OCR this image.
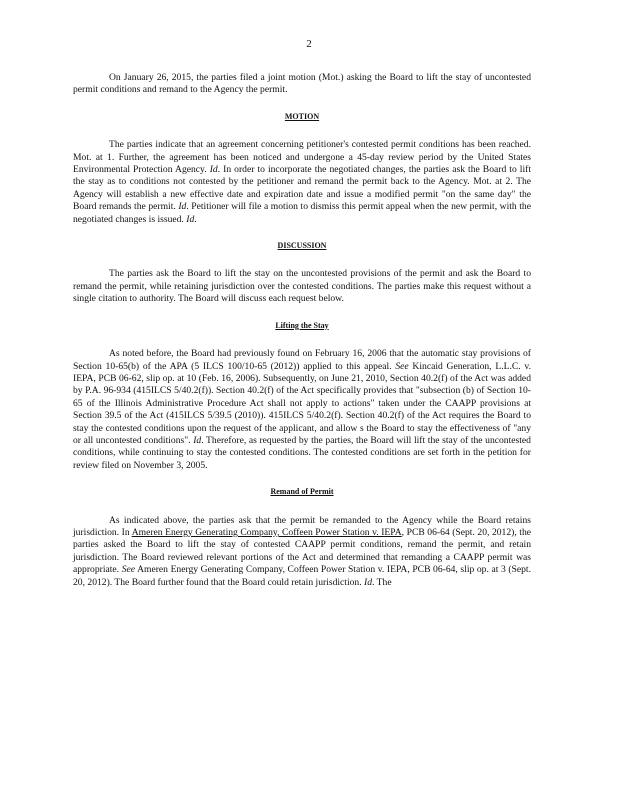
2

On January 26, 2015, the parties filed a joint motion (Mot.) asking the Board to lift the stay of uncontested permit conditions and remand to the Agency the permit.

MOTION

The parties indicate that an agreement concerning petitioner's contested permit conditions has been reached. Mot. at 1. Further, the agreement has been noticed and undergone a 45-day review period by the United States Environmental Protection Agency. Id. In order to incorporate the negotiated changes, the parties ask the Board to lift the stay as to conditions not contested by the petitioner and remand the permit back to the Agency. Mot. at 2. The Agency will establish a new effective date and expiration date and issue a modified permit "on the same day" the Board remands the permit. Id. Petitioner will file a motion to dismiss this permit appeal when the new permit, with the negotiated changes is issued. Id.

DISCUSSION

The parties ask the Board to lift the stay on the uncontested provisions of the permit and ask the Board to remand the permit, while retaining jurisdiction over the contested conditions. The parties make this request without a single citation to authority. The Board will discuss each request below.

Lifting the Stay

As noted before, the Board had previously found on February 16, 2006 that the automatic stay provisions of Section 10-65(b) of the APA (5 ILCS 100/10-65 (2012)) applied to this appeal. See Kincaid Generation, L.L.C. v. IEPA, PCB 06-62, slip op. at 10 (Feb. 16, 2006). Subsequently, on June 21, 2010, Section 40.2(f) of the Act was added by P.A. 96-934 (415ILCS 5/40.2(f)). Section 40.2(f) of the Act specifically provides that "subsection (b) of Section 10-65 of the Illinois Administrative Procedure Act shall not apply to actions" taken under the CAAPP provisions at Section 39.5 of the Act (415ILCS 5/39.5 (2010)). 415ILCS 5/40.2(f). Section 40.2(f) of the Act requires the Board to stay the contested conditions upon the request of the applicant, and allow s the Board to stay the effectiveness of "any or all uncontested conditions". Id. Therefore, as requested by the parties, the Board will lift the stay of the uncontested conditions, while continuing to stay the contested conditions. The contested conditions are set forth in the petition for review filed on November 3, 2005.

Remand of Permit

As indicated above, the parties ask that the permit be remanded to the Agency while the Board retains jurisdiction. In Ameren Energy Generating Company, Coffeen Power Station v. IEPA, PCB 06-64 (Sept. 20, 2012), the parties asked the Board to lift the stay of contested CAAPP permit conditions, remand the permit, and retain jurisdiction. The Board reviewed relevant portions of the Act and determined that remanding a CAAPP permit was appropriate. See Ameren Energy Generating Company, Coffeen Power Station v. IEPA, PCB 06-64, slip op. at 3 (Sept. 20, 2012). The Board further found that the Board could retain jurisdiction. Id. The
